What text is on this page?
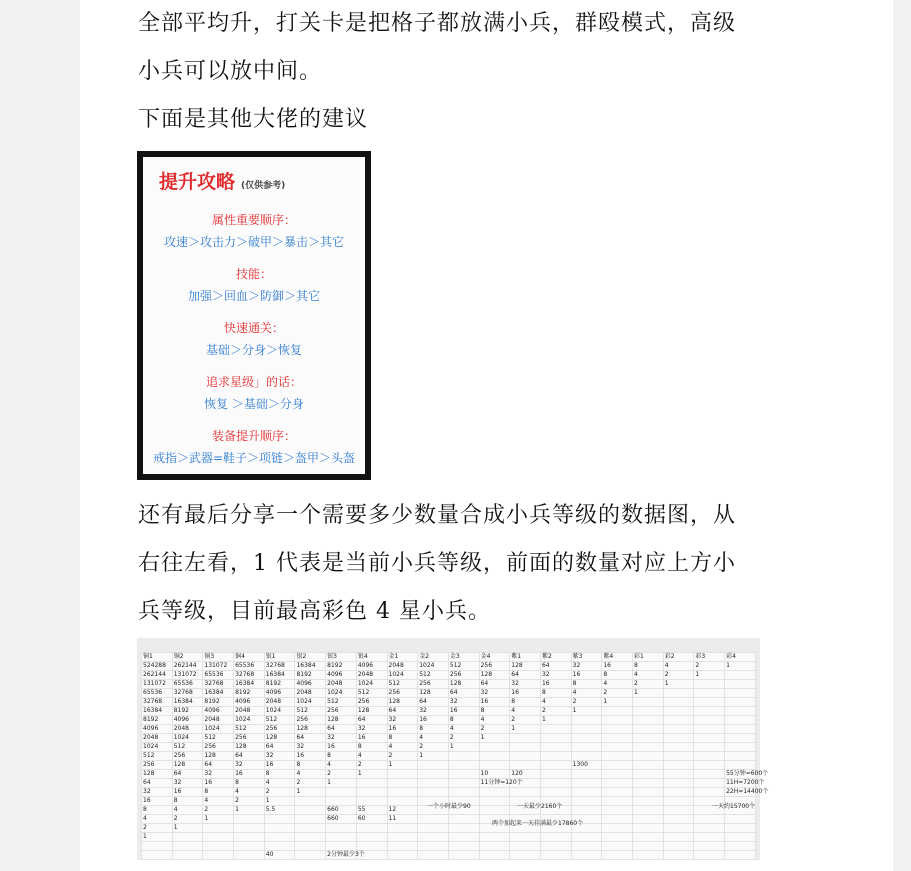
全部平均升，打关卡是把格子都放满小兵，群殴模式，高级
小兵可以放中间。
下面是其他大佬的建议
提升攻略 (仅供参考)
属性重要顺序：
攻速＞攻击力＞破甲＞暴击＞其它
技能：
加强＞回血＞防御＞其它
快速通关：
基础＞分身＞恢复
追求星级」的话：
恢复 ＞基础＞分身
装备提升顺序：
戒指＞武器=鞋子＞项链＞盔甲＞头盔
还有最后分享一个需要多少数量合成小兵等级的数据图，从
右往左看，1 代表是当前小兵等级，前面的数量对应上方小
兵等级，目前最高彩色 4 星小兵。
铜1	铜2	铜3	铜4	银1	银2	银3	银4	金1	金2	金3	金4	紫1	紫2	紫3	紫4	彩1	彩2	彩3	彩4
524288	262144	131072	65536	32768	16384	8192	4096	2048	1024	512	256	128	64	32	16	8	4	2	1
262144	131072	65536	32768	16384	8192	4096	2048	1024	512	256	128	64	32	16	8	4	2	1	
131072	65536	32768	16384	8192	4096	2048	1024	512	256	128	64	32	16	8	4	2	1		
65536	32768	16384	8192	4096	2048	1024	512	256	128	64	32	16	8	4	2	1			
32768	16384	8192	4096	2048	1024	512	256	128	64	32	16	8	4	2	1				
16384	8192	4096	2048	1024	512	256	128	64	32	16	8	4	2	1					
8192	4096	2048	1024	512	256	128	64	32	16	8	4	2	1						
4096	2048	1024	512	256	128	64	32	16	8	4	2	1							
2048	1024	512	256	128	64	32	16	8	4	2	1								
1024	512	256	128	64	32	16	8	4	2	1									
512	256	128	64	32	16	8	4	2	1										
256	128	64	32	16	8	4	2	1						1300					
128	64	32	16	8	4	2	1				10	120							55分钟=600个
64	32	16	8	4	2	1					11分钟=120个								11H=7200个
32	16	8	4	2	1														22H=14400个
16	8	4	2	1															
8	4	2	1	5.5		660	55	12											
4	2	1				660	60	11											
2	1																		
1																			

				40		2分钟最少3个													
一个小时最少90	一天最少2160个	一天约15700个
两个加起来一天挂满最少17860个
